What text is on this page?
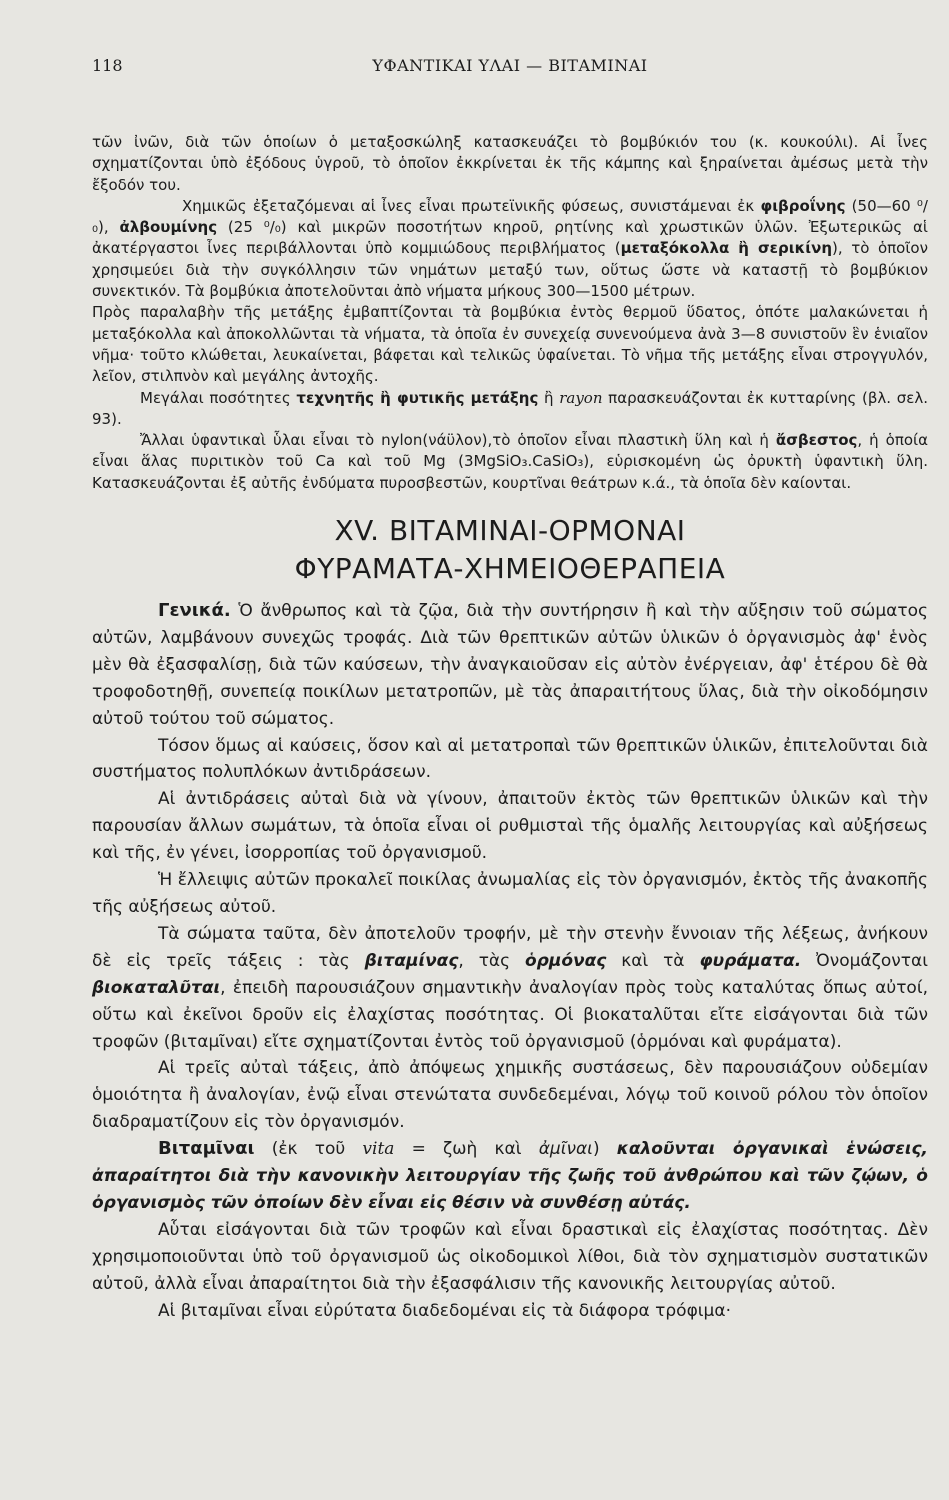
118	ΥΦΑΝΤΙΚΑΙ ΥΛΑΙ — ΒΙΤΑΜΙΝΑΙ

τῶν ἰνῶν, διὰ τῶν ὁποίων ὁ μεταξοσκώληξ κατασκευάζει τὸ βομβύκιόν του (κ. κουκούλι). Αἱ ἶνες σχηματίζονται ὑπὸ ἐξόδους ὑγροῦ, τὸ ὁποῖον ἐκκρίνεται ἐκ τῆς κάμπης καὶ ξηραίνεται ἀμέσως μετὰ τὴν ἔξοδόν του.

Χημικῶς ἐξεταζόμεναι αἱ ἶνες εἶναι πρωτεϊνικῆς φύσεως, συνιστάμεναι ἐκ φιβροΐνης (50—60 ⁰/₀), ἀλβουμίνης (25 ⁰/₀) καὶ μικρῶν ποσοτήτων κηροῦ, ρητίνης καὶ χρωστικῶν ὑλῶν. Ἐξωτερικῶς αἱ ἀκατέργαστοι ἶνες περιβάλλονται ὑπὸ κομμιώδους περιβλήματος (μεταξόκολλα ἢ σερικίνη), τὸ ὁποῖον χρησιμεύει διὰ τὴν συγκόλλησιν τῶν νημάτων μεταξύ των, οὕτως ὥστε νὰ καταστῇ τὸ βομβύκιον συνεκτικόν. Τὰ βομβύκια ἀποτελοῦνται ἀπὸ νήματα μήκους 300—1500 μέτρων.

Πρὸς παραλαβὴν τῆς μετάξης ἐμβαπτίζονται τὰ βομβύκια ἐντὸς θερμοῦ ὕδατος, ὁπότε μαλακώνεται ἡ μεταξόκολλα καὶ ἀποκολλῶνται τὰ νήματα, τὰ ὁποῖα ἐν συνεχείᾳ συνενούμενα ἀνὰ 3—8 συνιστοῦν ἓν ἑνιαῖον νῆμα· τοῦτο κλώθεται, λευκαίνεται, βάφεται καὶ τελικῶς ὑφαίνεται. Τὸ νῆμα τῆς μετάξης εἶναι στρογγυλόν, λεῖον, στιλπνὸν καὶ μεγάλης ἀντοχῆς.

Μεγάλαι ποσότητες τεχνητῆς ἢ φυτικῆς μετάξης ἢ rayon παρασκευάζονται ἐκ κυτταρίνης (βλ. σελ. 93).

Ἄλλαι ὑφαντικαὶ ὗλαι εἶναι τὸ nylon(νάϋλον),τὸ ὁποῖον εἶναι πλαστικὴ ὕλη καὶ ἡ ἄσβεστος, ἡ ὁποία εἶναι ἅλας πυριτικὸν τοῦ Ca καὶ τοῦ Mg (3MgSiO₃.CaSiO₃), εὑρισκομένη ὡς ὀρυκτὴ ὑφαντικὴ ὕλη. Κατασκευάζονται ἐξ αὐτῆς ἐνδύματα πυροσβεστῶν, κουρτῖναι θεάτρων κ.ά., τὰ ὁποῖα δὲν καίονται.

XV. ΒΙΤΑΜΙΝΑΙ-ΟΡΜΟΝΑΙ
ΦΥΡΑΜΑΤΑ-ΧΗΜΕΙΟΘΕΡΑΠΕΙΑ

Γενικά. Ὁ ἄνθρωπος καὶ τὰ ζῷα, διὰ τὴν συντήρησιν ἢ καὶ τὴν αὔξησιν τοῦ σώματος αὐτῶν, λαμβάνουν συνεχῶς τροφάς. Διὰ τῶν θρεπτικῶν αὐτῶν ὑλικῶν ὁ ὀργανισμὸς ἀφ' ἑνὸς μὲν θὰ ἐξασφαλίσῃ, διὰ τῶν καύσεων, τὴν ἀναγκαιοῦσαν εἰς αὐτὸν ἐνέργειαν, ἀφ' ἑτέρου δὲ θὰ τροφοδοτηθῇ, συνεπείᾳ ποικίλων μετατροπῶν, μὲ τὰς ἀπαραιτήτους ὕλας, διὰ τὴν οἰκοδόμησιν αὐτοῦ τούτου τοῦ σώματος.

Τόσον ὅμως αἱ καύσεις, ὅσον καὶ αἱ μετατροπαὶ τῶν θρεπτικῶν ὑλικῶν, ἐπιτελοῦνται διὰ συστήματος πολυπλόκων ἀντιδράσεων.

Αἱ ἀντιδράσεις αὐταὶ διὰ νὰ γίνουν, ἀπαιτοῦν ἐκτὸς τῶν θρεπτικῶν ὑλικῶν καὶ τὴν παρουσίαν ἄλλων σωμάτων, τὰ ὁποῖα εἶναι οἱ ρυθμισταὶ τῆς ὁμαλῆς λειτουργίας καὶ αὐξήσεως καὶ τῆς, ἐν γένει, ἰσορροπίας τοῦ ὀργανισμοῦ.

Ἡ ἔλλειψις αὐτῶν προκαλεῖ ποικίλας ἀνωμαλίας εἰς τὸν ὀργανισμόν, ἐκτὸς τῆς ἀνακοπῆς τῆς αὐξήσεως αὐτοῦ.

Τὰ σώματα ταῦτα, δὲν ἀποτελοῦν τροφήν, μὲ τὴν στενὴν ἔννοιαν τῆς λέξεως, ἀνήκουν δὲ εἰς τρεῖς τάξεις : τὰς βιταμίνας, τὰς ὁρμόνας καὶ τὰ φυράματα. Ὀνομάζονται βιοκαταλῦται, ἐπειδὴ παρουσιάζουν σημαντικὴν ἀναλογίαν πρὸς τοὺς καταλύτας ὅπως αὐτοί, οὕτω καὶ ἐκεῖνοι δροῦν εἰς ἐλαχίστας ποσότητας. Οἱ βιοκαταλῦται εἴτε εἰσάγονται διὰ τῶν τροφῶν (βιταμῖναι) εἴτε σχηματίζονται ἐντὸς τοῦ ὀργανισμοῦ (ὁρμόναι καὶ φυράματα).

Αἱ τρεῖς αὐταὶ τάξεις, ἀπὸ ἀπόψεως χημικῆς συστάσεως, δὲν παρουσιάζουν οὐδεμίαν ὁμοιότητα ἢ ἀναλογίαν, ἐνῷ εἶναι στενώτατα συνδεδεμέναι, λόγῳ τοῦ κοινοῦ ρόλου τὸν ὁποῖον διαδραματίζουν εἰς τὸν ὀργανισμόν.

Βιταμῖναι (ἐκ τοῦ vita = ζωὴ καὶ ἀμῖναι) καλοῦνται ὀργανικαὶ ἑνώσεις, ἀπαραίτητοι διὰ τὴν κανονικὴν λειτουργίαν τῆς ζωῆς τοῦ ἀνθρώπου καὶ τῶν ζῴων, ὁ ὀργανισμὸς τῶν ὁποίων δὲν εἶναι εἰς θέσιν νὰ συνθέσῃ αὐτάς.

Αὗται εἰσάγονται διὰ τῶν τροφῶν καὶ εἶναι δραστικαὶ εἰς ἐλαχίστας ποσότητας. Δὲν χρησιμοποιοῦνται ὑπὸ τοῦ ὀργανισμοῦ ὡς οἰκοδομικοὶ λίθοι, διὰ τὸν σχηματισμὸν συστατικῶν αὐτοῦ, ἀλλὰ εἶναι ἀπαραίτητοι διὰ τὴν ἐξασφάλισιν τῆς κανονικῆς λειτουργίας αὐτοῦ.

Αἱ βιταμῖναι εἶναι εὐρύτατα διαδεδομέναι εἰς τὰ διάφορα τρόφιμα·
